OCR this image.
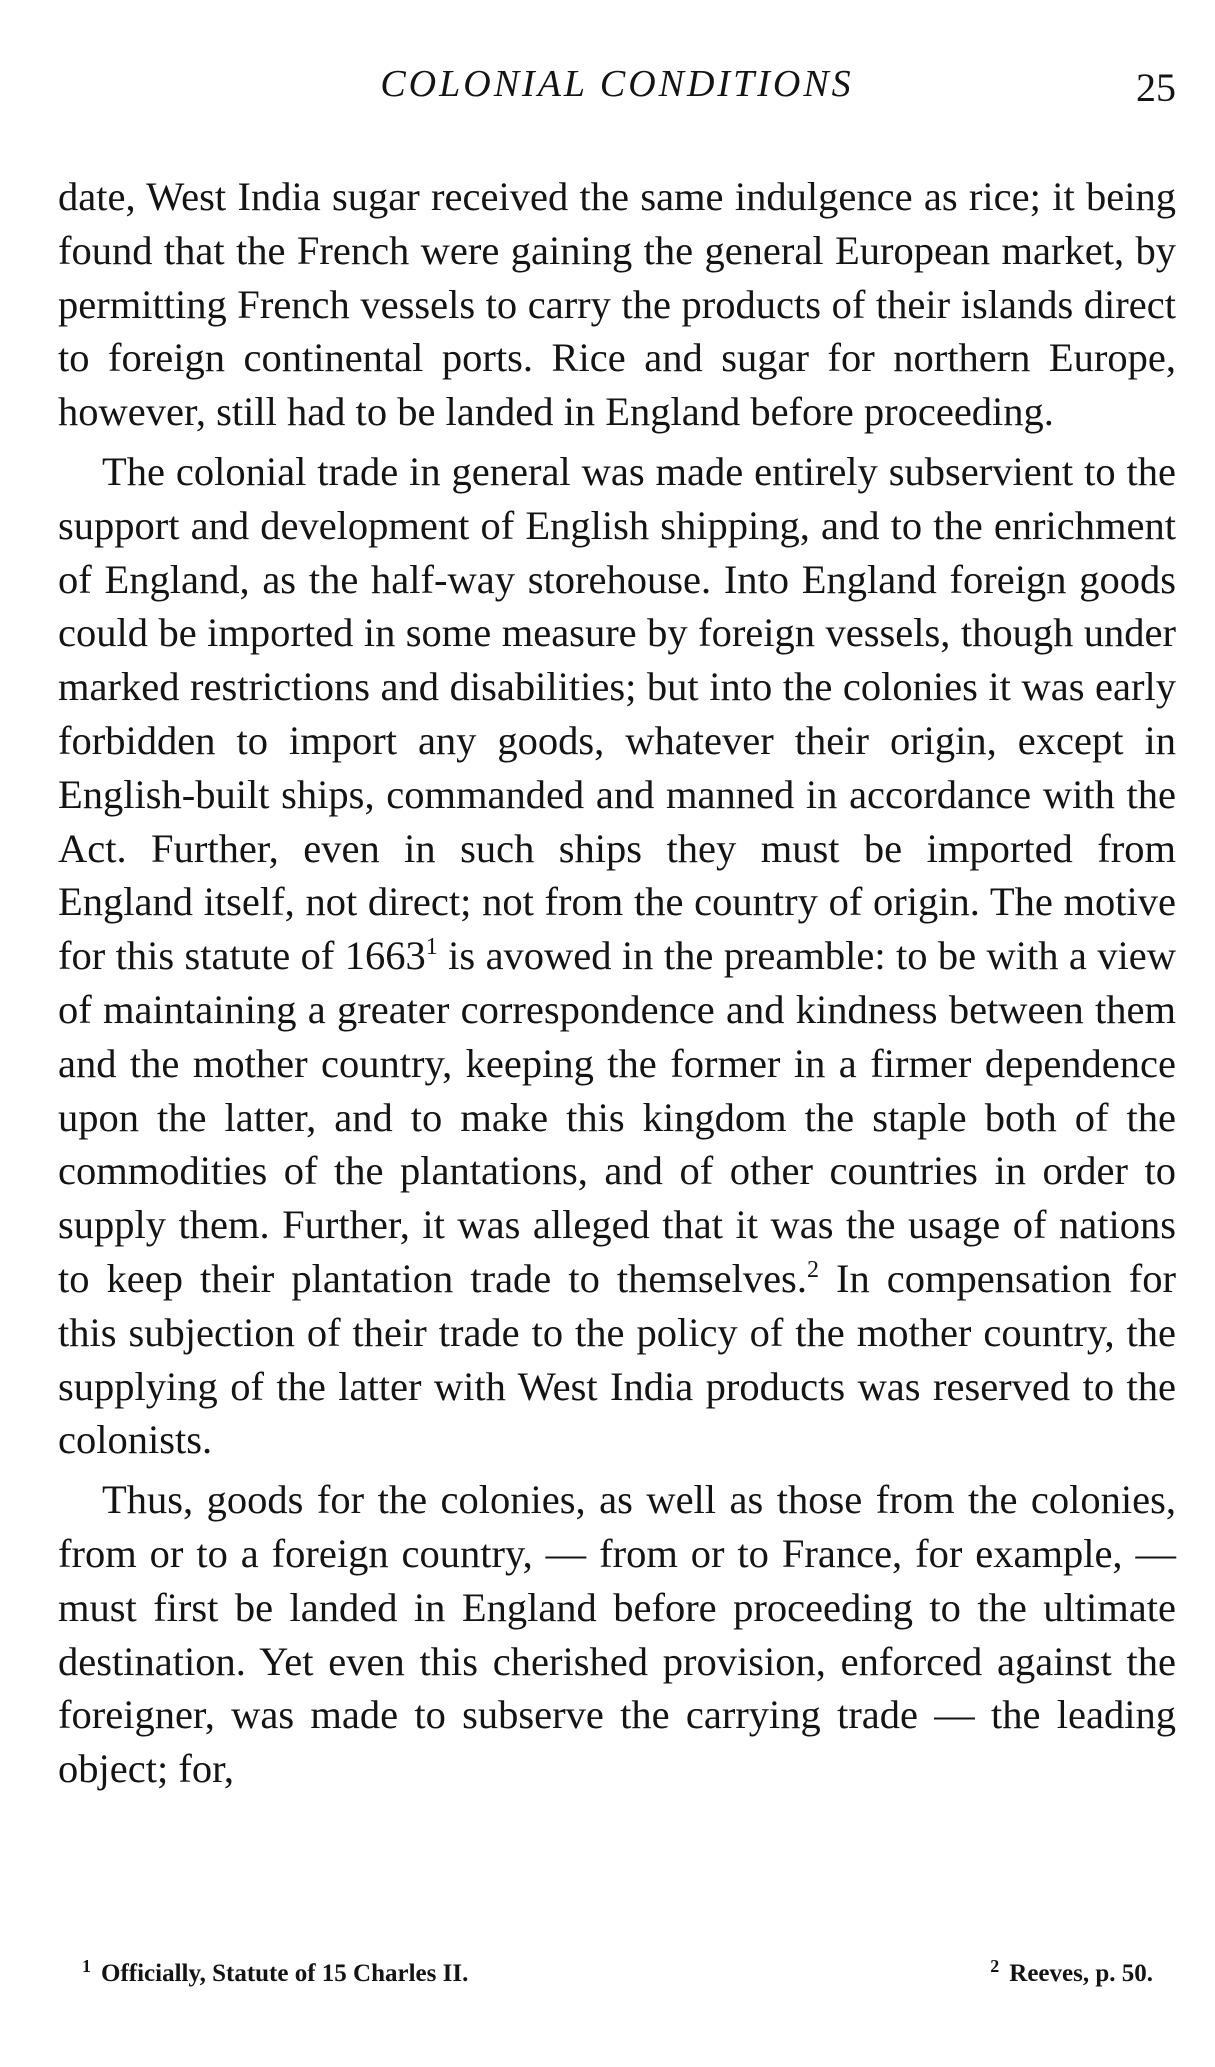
COLONIAL CONDITIONS	25

date, West India sugar received the same indulgence as rice; it being found that the French were gaining the general European market, by permitting French vessels to carry the products of their islands direct to foreign continental ports. Rice and sugar for northern Europe, however, still had to be landed in England before proceeding.

The colonial trade in general was made entirely subservient to the support and development of English shipping, and to the enrichment of England, as the half-way storehouse. Into England foreign goods could be imported in some measure by foreign vessels, though under marked restrictions and disabilities; but into the colonies it was early forbidden to import any goods, whatever their origin, except in English-built ships, commanded and manned in accordance with the Act. Further, even in such ships they must be imported from England itself, not direct; not from the country of origin. The motive for this statute of 1663$^1$ is avowed in the preamble: to be with a view of maintaining a greater correspondence and kindness between them and the mother country, keeping the former in a firmer dependence upon the latter, and to make this kingdom the staple both of the commodities of the plantations, and of other countries in order to supply them. Further, it was alleged that it was the usage of nations to keep their plantation trade to themselves.$^2$ In compensation for this subjection of their trade to the policy of the mother country, the supplying of the latter with West India products was reserved to the colonists.

Thus, goods for the colonies, as well as those from the colonies, from or to a foreign country, — from or to France, for example, — must first be landed in England before proceeding to the ultimate destination. Yet even this cherished provision, enforced against the foreigner, was made to subserve the carrying trade — the leading object; for,

$^1$ Officially, Statute of 15 Charles II.	$^2$ Reeves, p. 50.
